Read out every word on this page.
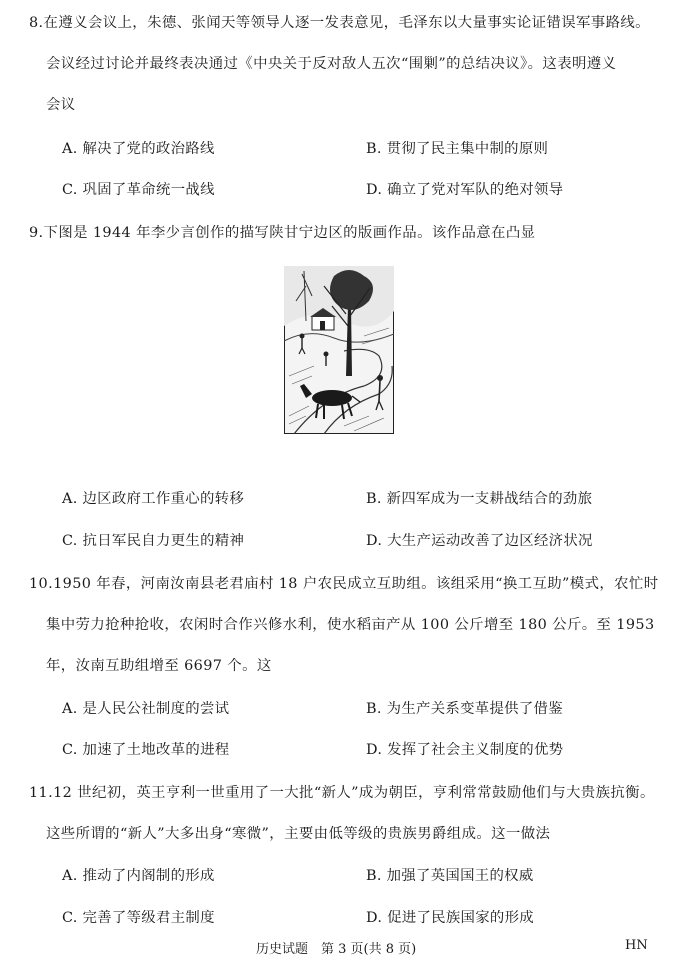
8.在遵义会议上，朱德、张闻天等领导人逐一发表意见，毛泽东以大量事实论证错误军事路线。
会议经过讨论并最终表决通过《中央关于反对敌人五次“围剿”的总结决议》。这表明遵义
会议
A. 解决了党的政治路线	B. 贯彻了民主集中制的原则
C. 巩固了革命统一战线	D. 确立了党对军队的绝对领导
9.下图是 1944 年李少言创作的描写陕甘宁边区的版画作品。该作品意在凸显
A. 边区政府工作重心的转移	B. 新四军成为一支耕战结合的劲旅
C. 抗日军民自力更生的精神	D. 大生产运动改善了边区经济状况
10.1950 年春，河南汝南县老君庙村 18 户农民成立互助组。该组采用“换工互助”模式，农忙时
集中劳力抢种抢收，农闲时合作兴修水利，使水稻亩产从 100 公斤增至 180 公斤。至 1953
年，汝南互助组增至 6697 个。这
A. 是人民公社制度的尝试	B. 为生产关系变革提供了借鉴
C. 加速了土地改革的进程	D. 发挥了社会主义制度的优势
11.12 世纪初，英王亨利一世重用了一大批“新人”成为朝臣，亨利常常鼓励他们与大贵族抗衡。
这些所谓的“新人”大多出身“寒微”，主要由低等级的贵族男爵组成。这一做法
A. 推动了内阁制的形成	B. 加强了英国国王的权威
C. 完善了等级君主制度	D. 促进了民族国家的形成
历史试题　第 3 页(共 8 页)	HN
